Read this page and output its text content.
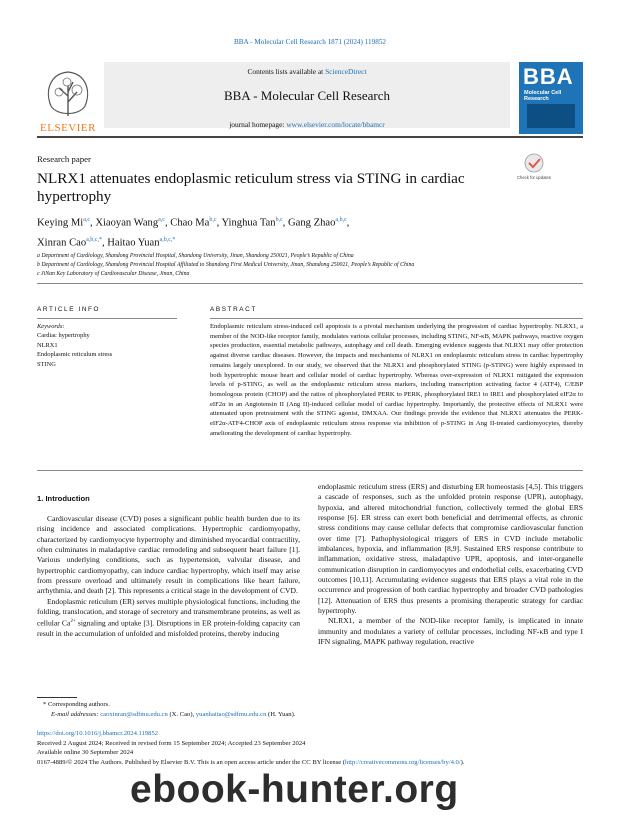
BBA - Molecular Cell Research 1871 (2024) 119852
ELSEVIER
Contents lists available at ScienceDirect
BBA - Molecular Cell Research
journal homepage: www.elsevier.com/locate/bbamcr
BBA
Molecular Cell Research
Research paper
NLRX1 attenuates endoplasmic reticulum stress via STING in cardiac hypertrophy
Check for updates
Keying Mi$^{a,c}$, Xiaoyan Wang$^{a,c}$, Chao Ma$^{b,c}$, Yinghua Tan$^{b,c}$, Gang Zhao$^{a,b,c}$,
Xinran Cao$^{a,b,c,*}$, Haitao Yuan$^{a,b,c,*}$
a Department of Cardiology, Shandong Provincial Hospital, Shandong University, Jinan, Shandong 250021, People’s Republic of China
b Department of Cardiology, Shandong Provincial Hospital Affiliated to Shandong First Medical University, Jinan, Shandong 250021, People’s Republic of China
c JiNan Key Laboratory of Cardiovascular Disease, Jinan, China
ARTICLE INFO
Keywords:
Cardiac hypertrophy
NLRX1
Endoplasmic reticulum stress
STING
ABSTRACT
Endoplasmic reticulum stress-induced cell apoptosis is a pivotal mechanism underlying the progression of cardiac hypertrophy. NLRX1, a member of the NOD-like receptor family, modulates various cellular processes, including STING, NF-κB, MAPK pathways, reactive oxygen species production, essential metabolic pathways, autophagy and cell death. Emerging evidence suggests that NLRX1 may offer protection against diverse cardiac diseases. However, the impacts and mechanisms of NLRX1 on endoplasmic reticulum stress in cardiac hypertrophy remains largely unexplored. In our study, we observed that the NLRX1 and phosphorylated STING (p-STING) were highly expressed in both hypertrophic mouse heart and cellular model of cardiac hypertrophy. Whereas over-expression of NLRX1 mitigated the expression levels of p-STING, as well as the endoplasmic reticulum stress markers, including transcription activating factor 4 (ATF4), C/EBP homologous protein (CHOP) and the ratios of phosphorylated PERK to PERK, phosphorylated IRE1 to IRE1 and phosphorylated eIF2α to eIF2α in an Angiotensin II (Ang II)-induced cellular model of cardiac hypertrophy. Importantly, the protective effects of NLRX1 were attenuated upon pretreatment with the STING agonist, DMXAA. Our findings provide the evidence that NLRX1 attenuates the PERK-eIF2α-ATF4-CHOP axis of endoplasmic reticulum stress response via inhibition of p-STING in Ang II-treated cardiomyocytes, thereby ameliorating the development of cardiac hypertrophy.
1. Introduction

Cardiovascular disease (CVD) poses a significant public health burden due to its rising incidence and associated complications. Hypertrophic cardiomyopathy, characterized by cardiomyocyte hypertrophy and diminished myocardial contractility, often culminates in maladaptive cardiac remodeling and subsequent heart failure [1]. Various underlying conditions, such as hypertension, valvular disease, and hypertrophic cardiomyopathy, can induce cardiac hypertrophy, which itself may arise from pressure overload and ultimately result in complications like heart failure, arrhythmia, and death [2]. This represents a critical stage in the development of CVD.

Endoplasmic reticulum (ER) serves multiple physiological functions, including the folding, translocation, and storage of secretory and transmembrane proteins, as well as cellular $Ca^{2+}$ signaling and uptake [3]. Disruptions in ER protein-folding capacity can result in the accumulation of unfolded and misfolded proteins, thereby inducing

endoplasmic reticulum stress (ERS) and disturbing ER homeostasis [4,5]. This triggers a cascade of responses, such as the unfolded protein response (UPR), autophagy, hypoxia, and altered mitochondrial function, collectively termed the global ERS response [6]. ER stress can exert both beneficial and detrimental effects, as chronic stress conditions may cause cellular defects that compromise cardiovascular function over time [7]. Pathophysiological triggers of ERS in CVD include metabolic imbalances, hypoxia, and inflammation [8,9]. Sustained ERS response contribute to inflammation, oxidative stress, maladaptive UPR, apoptosis, and inter-organelle communication disruption in cardiomyocytes and endothelial cells, exacerbating CVD outcomes [10,11]. Accumulating evidence suggests that ERS plays a vital role in the occurrence and progression of both cardiac hypertrophy and broader CVD pathologies [12]. Attenuation of ERS thus presents a promising therapeutic strategy for cardiac hypertrophy.

NLRX1, a member of the NOD-like receptor family, is implicated in innate immunity and modulates a variety of cellular processes, including NF-κB and type I IFN signaling, MAPK pathway regulation, reactive

* Corresponding authors.
E-mail addresses: caoxinran@sdfmu.edu.cn (X. Cao), yuanhaitao@sdfmu.edu.cn (H. Yuan).
https://doi.org/10.1016/j.bbamcr.2024.119852
Received 2 August 2024; Received in revised form 15 September 2024; Accepted 23 September 2024
Available online 30 September 2024
0167-4889/© 2024 The Authors. Published by Elsevier B.V. This is an open access article under the CC BY license (http://creativecommons.org/licenses/by/4.0/).
ebook-hunter.org
